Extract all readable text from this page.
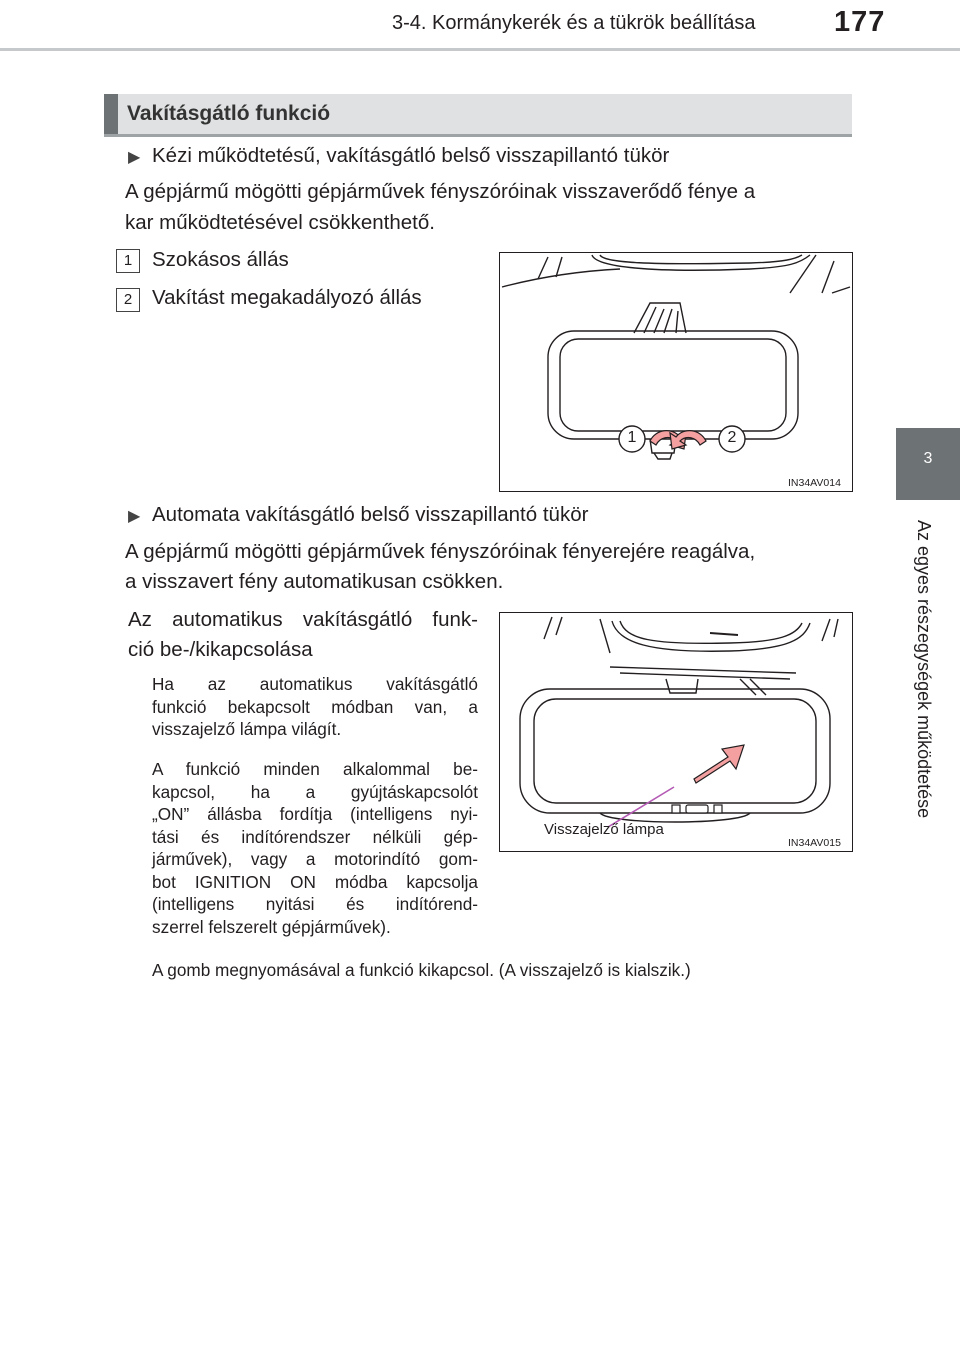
3-4. Kormánykerék és a tükrök beállítása	177
3
Az egyes részegységek működtetése
Vakításgátló funkció
▶ Kézi működtetésű, vakításgátló belső visszapillantó tükör
A gépjármű mögötti gépjárművek fényszóróinak visszaverődő fénye a
kar működtetésével csökkenthető.
1 Szokásos állás
2 Vakítást megakadályozó állás
1	2
IN34AV014
▶ Automata vakításgátló belső visszapillantó tükör
A gépjármű mögötti gépjárművek fényszóróinak fényerejére reagálva,
a visszavert fény automatikusan csökken.
Az automatikus vakításgátló funk-
ció be-/kikapcsolása
Ha az automatikus vakításgátló
funkció bekapcsolt módban van, a
visszajelző lámpa világít.
A funkció minden alkalommal be-
kapcsol, ha a gyújtáskapcsolót
„ON” állásba fordítja (intelligens nyi-
tási és indítórendszer nélküli gép-
járművek), vagy a motorindító gom-
bot IGNITION ON módba kapcsolja
(intelligens nyitási és indítórend-
szerrel felszerelt gépjárművek).
A gomb megnyomásával a funkció kikapcsol. (A visszajelző is kialszik.)
Visszajelző lámpa
IN34AV015
